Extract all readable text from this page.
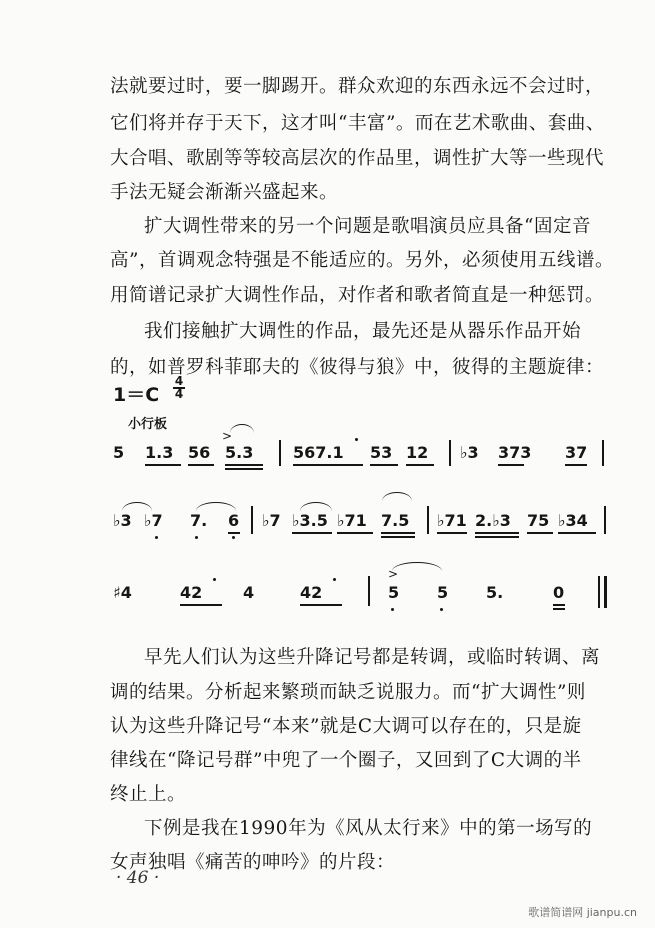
法就要过时，要一脚踢开。群众欢迎的东西永远不会过时，
它们将并存于天下，这才叫“丰富”。而在艺术歌曲、套曲、
大合唱、歌剧等等较高层次的作品里，调性扩大等一些现代
手法无疑会渐渐兴盛起来。
扩大调性带来的另一个问题是歌唱演员应具备“固定音
高”，首调观念特强是不能适应的。另外，必须使用五线谱。
用简谱记录扩大调性作品，对作者和歌者简直是一种惩罚。
我们接触扩大调性的作品，最先还是从器乐作品开始
的，如普罗科菲耶夫的《彼得与狼》中，彼得的主题旋律：
1＝C
4
4
小行板
5 1.3 56 5.3
>
567.1 53 12 ♭3 373 37
♭3 ♭7 7. 6 ♭7 ♭3.5 ♭71 7.5 ♭71 2.♭3 75 ♭34
♯4	42	4	42	5 5 5.	0
>
早先人们认为这些升降记号都是转调，或临时转调、离
调的结果。分析起来繁琐而缺乏说服力。而“扩大调性”则
认为这些升降记号“本来”就是C大调可以存在的，只是旋
律线在“降记号群”中兜了一个圈子，又回到了C大调的半
终止上。
下例是我在1990年为《风从太行来》中的第一场写的
女声独唱《痛苦的呻吟》的片段：
· 46 ·
歌谱简谱网 jianpu.cn
